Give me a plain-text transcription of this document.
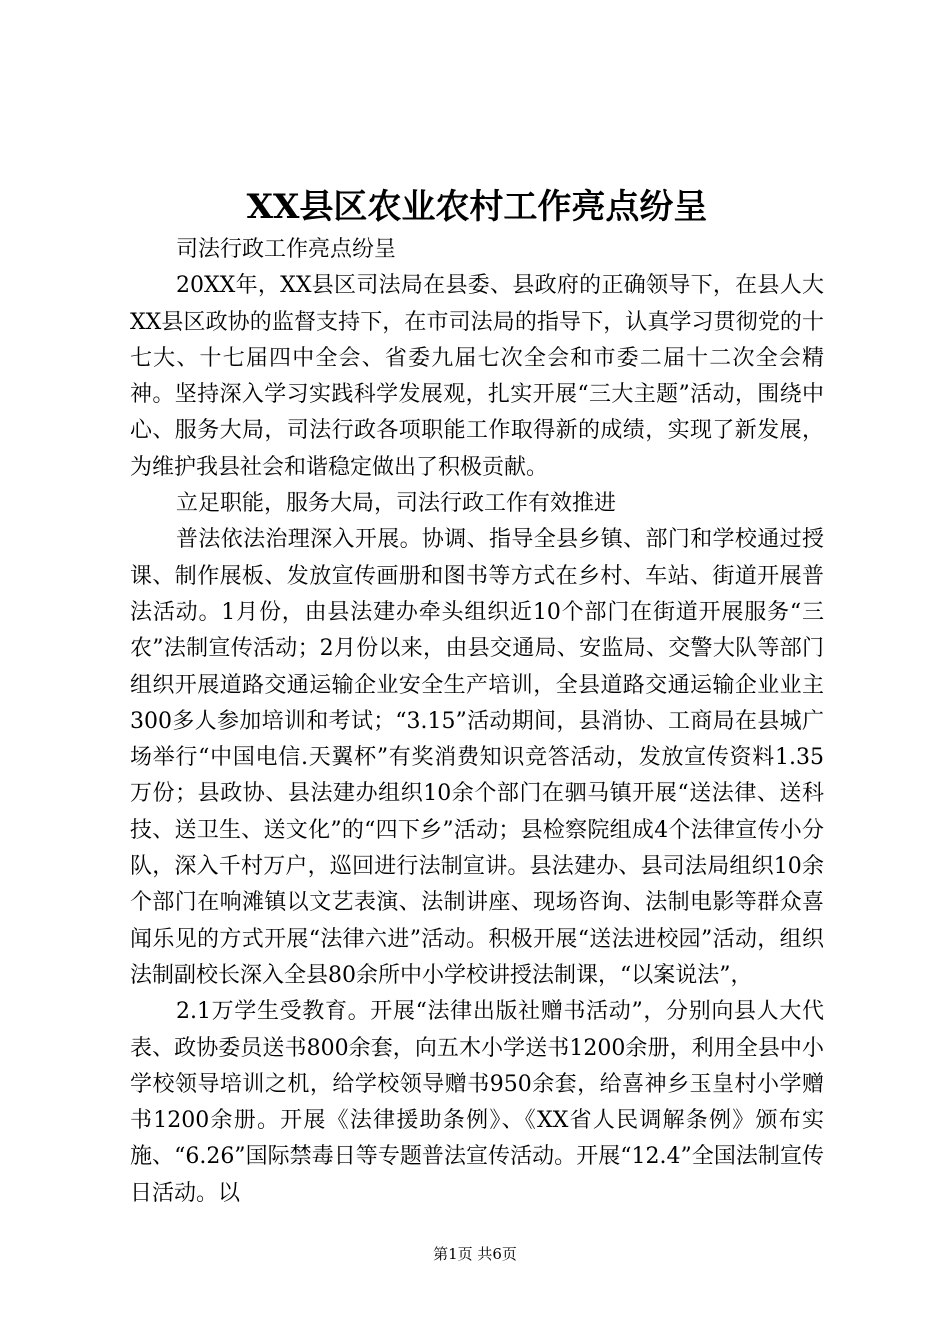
XX县区农业农村工作亮点纷呈

司法行政工作亮点纷呈

20XX年，XX县区司法局在县委、县政府的正确领导下，在县人大XX县区政协的监督支持下，在市司法局的指导下，认真学习贯彻党的十七大、十七届四中全会、省委九届七次全会和市委二届十二次全会精神。坚持深入学习实践科学发展观，扎实开展“三大主题”活动，围绕中心、服务大局，司法行政各项职能工作取得新的成绩，实现了新发展，为维护我县社会和谐稳定做出了积极贡献。

立足职能，服务大局，司法行政工作有效推进

普法依法治理深入开展。协调、指导全县乡镇、部门和学校通过授课、制作展板、发放宣传画册和图书等方式在乡村、车站、街道开展普法活动。1月份，由县法建办牵头组织近10个部门在街道开展服务“三农”法制宣传活动；2月份以来，由县交通局、安监局、交警大队等部门组织开展道路交通运输企业安全生产培训，全县道路交通运输企业业主300多人参加培训和考试；“3.15”活动期间，县消协、工商局在县城广场举行“中国电信.天翼杯”有奖消费知识竞答活动，发放宣传资料1.35万份；县政协、县法建办组织10余个部门在驷马镇开展“送法律、送科技、送卫生、送文化”的“四下乡”活动；县检察院组成4个法律宣传小分队，深入千村万户，巡回进行法制宣讲。县法建办、县司法局组织10余个部门在响滩镇以文艺表演、法制讲座、现场咨询、法制电影等群众喜闻乐见的方式开展“法律六进”活动。积极开展“送法进校园”活动，组织法制副校长深入全县80余所中小学校讲授法制课，“以案说法”，

2.1万学生受教育。开展“法律出版社赠书活动”，分别向县人大代表、政协委员送书800余套，向五木小学送书1200余册，利用全县中小学校领导培训之机，给学校领导赠书950余套，给喜神乡玉皇村小学赠书1200余册。开展《法律援助条例》、《XX省人民调解条例》颁布实施、“6.26”国际禁毒日等专题普法宣传活动。开展“12.4”全国法制宣传日活动。以

第1页 共6页
